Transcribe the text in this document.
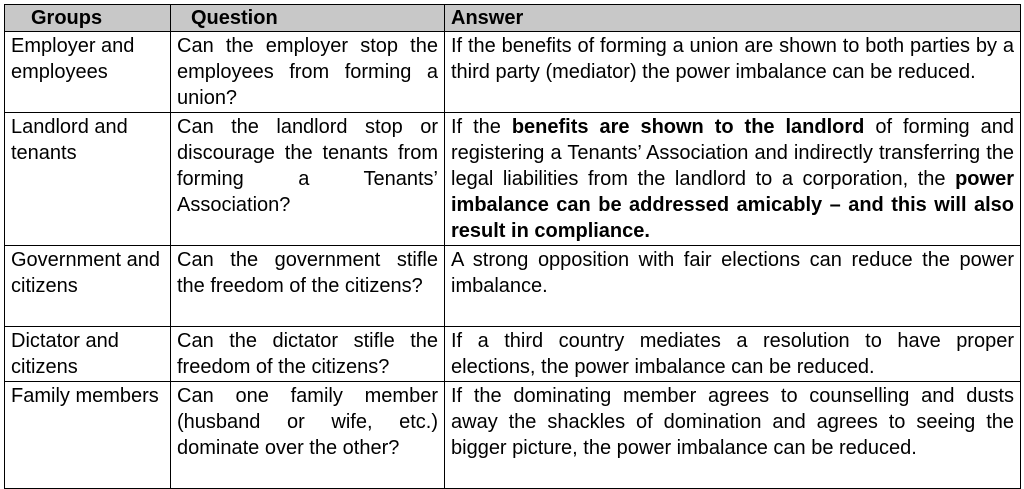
Groups	Question	Answer
Employer and employees	Can the employer stop the employees from forming a union?	If the benefits of forming a union are shown to both parties by a third party (mediator) the power imbalance can be reduced.
Landlord and tenants	Can the landlord stop or discourage the tenants from forming a Tenants’ Association?	If the benefits are shown to the landlord of forming and registering a Tenants’ Association and indirectly transferring the legal liabilities from the landlord to a corporation, the power imbalance can be addressed amicably – and this will also result in compliance.
Government and citizens	Can the government stifle the freedom of the citizens?	A strong opposition with fair elections can reduce the power imbalance.
Dictator and citizens	Can the dictator stifle the freedom of the citizens?	If a third country mediates a resolution to have proper elections, the power imbalance can be reduced.
Family members	Can one family member (husband or wife, etc.) dominate over the other?	If the dominating member agrees to counselling and dusts away the shackles of domination and agrees to seeing the bigger picture, the power imbalance can be reduced.
